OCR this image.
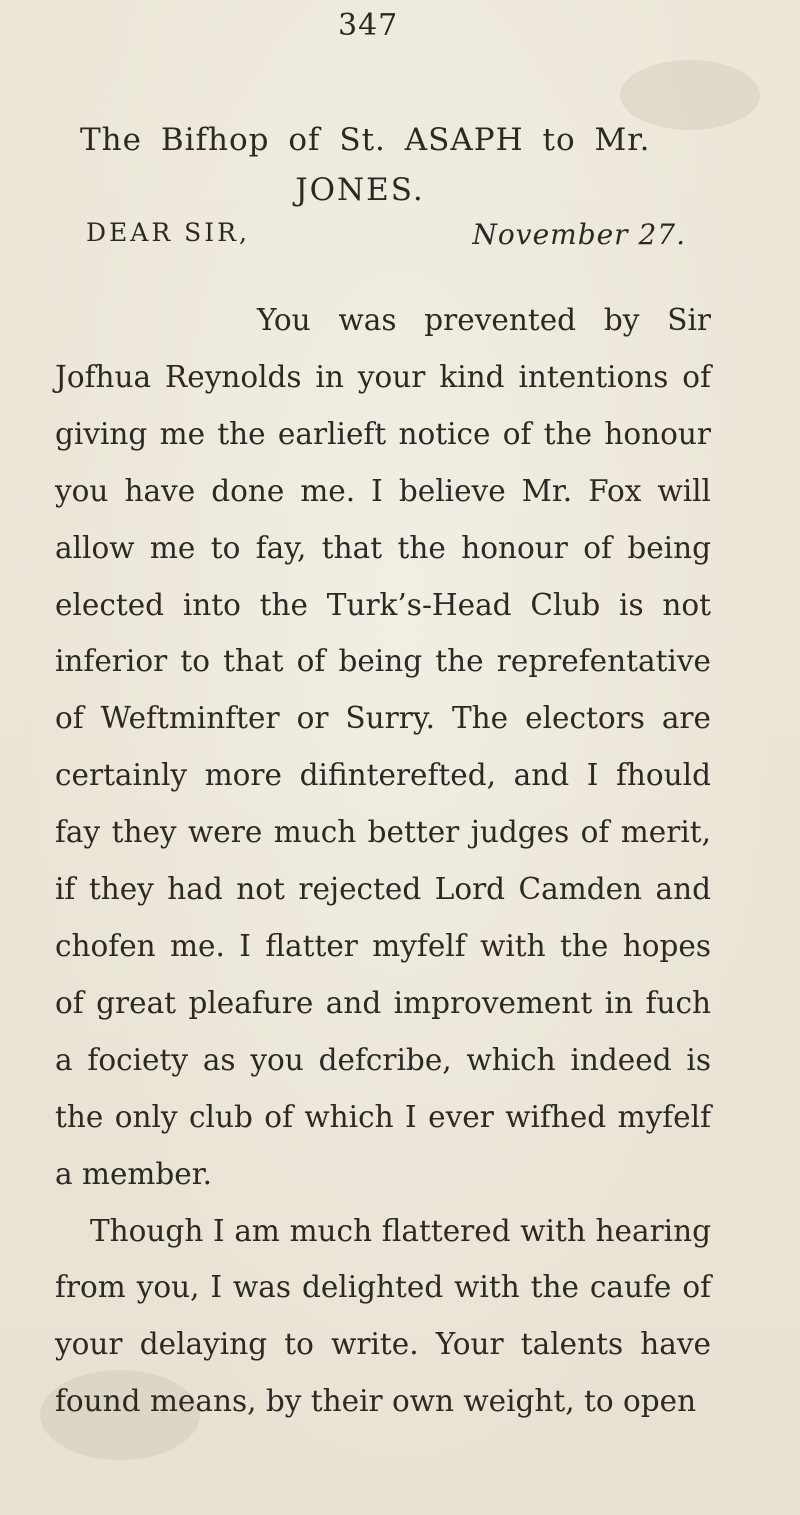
347
The Bifhop of St. ASAPH to Mr.
JONES.
DEAR SIR,	November 27.

You was prevented by Sir Jofhua Reynolds in your kind intentions of giving me the earlieft notice of the honour you have done me. I believe Mr. Fox will allow me to fay, that the honour of being elected into the Turk’s-Head Club is not inferior to that of being the reprefentative of Weftminfter or Surry. The electors are certainly more difinterefted, and I fhould fay they were much better judges of merit, if they had not rejected Lord Camden and chofen me. I flatter myfelf with the hopes of great pleafure and improvement in fuch a fociety as you defcribe, which indeed is the only club of which I ever wifhed myfelf a member.

Though I am much flattered with hearing from you, I was delighted with the caufe of your delaying to write. Your talents have found means, by their own weight, to open
